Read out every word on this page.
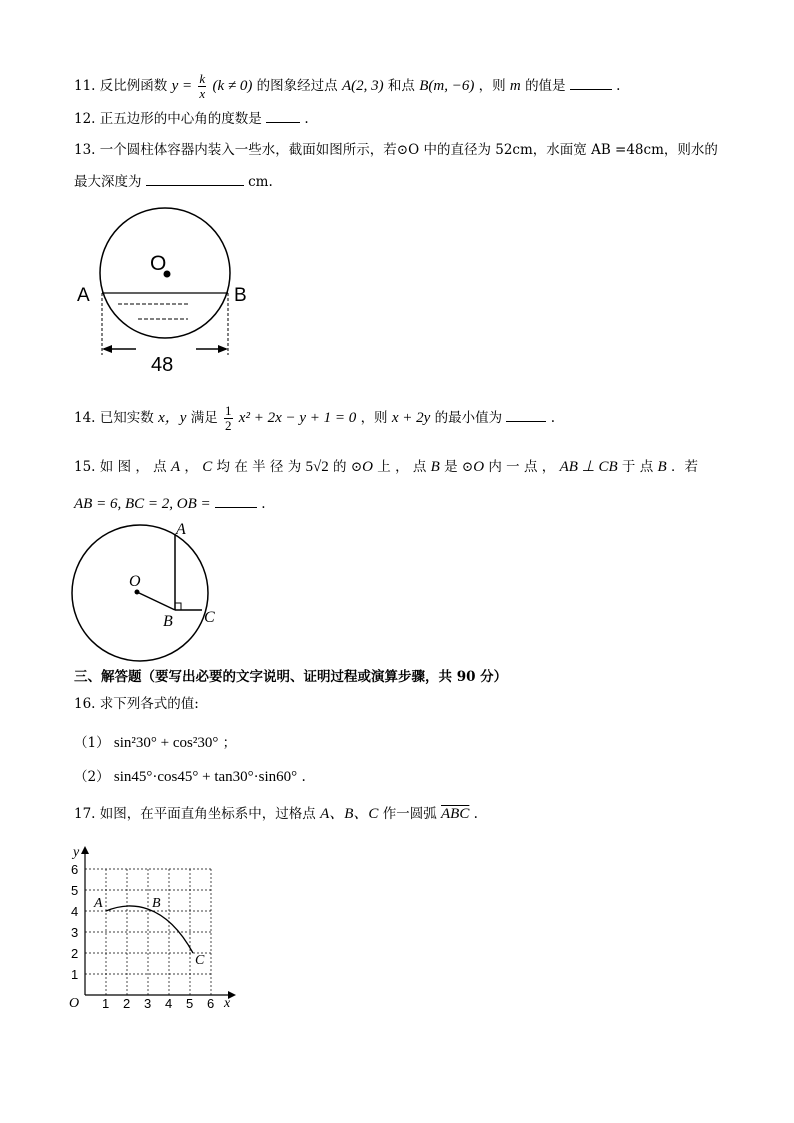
11. 反比例函数 $y = \frac{k}{x} (k \ne 0)$ 的图象经过点 A(2, 3) 和点 B(m, −6) ，则 m 的值是	.
12. 正五边形的中心角的度数是	.
13. 一个圆柱体容器内装入一些水，截面如图所示，若⊙O 中的直径为 52cm，水面宽 AB =48cm，则水的
最大深度为	cm.
O
A	B
48
14. 已知实数 x，y 满足 $\frac{1}{2} x^2 + 2x - y + 1 = 0$ ，则 x + 2y 的最小值为	.
15. 如 图 ， 点 A ， C 均 在 半 径 为 5√2 的 ⊙O 上 ， 点 B 是 ⊙O 内 一 点 ， AB ⊥ CB 于 点 B ．若
AB = 6, BC = 2, OB =	.
A
O
B C
三、解答题（要写出必要的文字说明、证明过程或演算步骤，共 90 分）
16. 求下列各式的值:
（1） sin²30° + cos²30° ；
（2） sin45°·cos45° + tan30°·sin60° .
17. 如图，在平面直角坐标系中，过格点 A、B、C 作一圆弧 $\overline{ABC}$ .
y
x
O
1
2
3
4
5
6
1 2 3 4 5 6
A	B
C
